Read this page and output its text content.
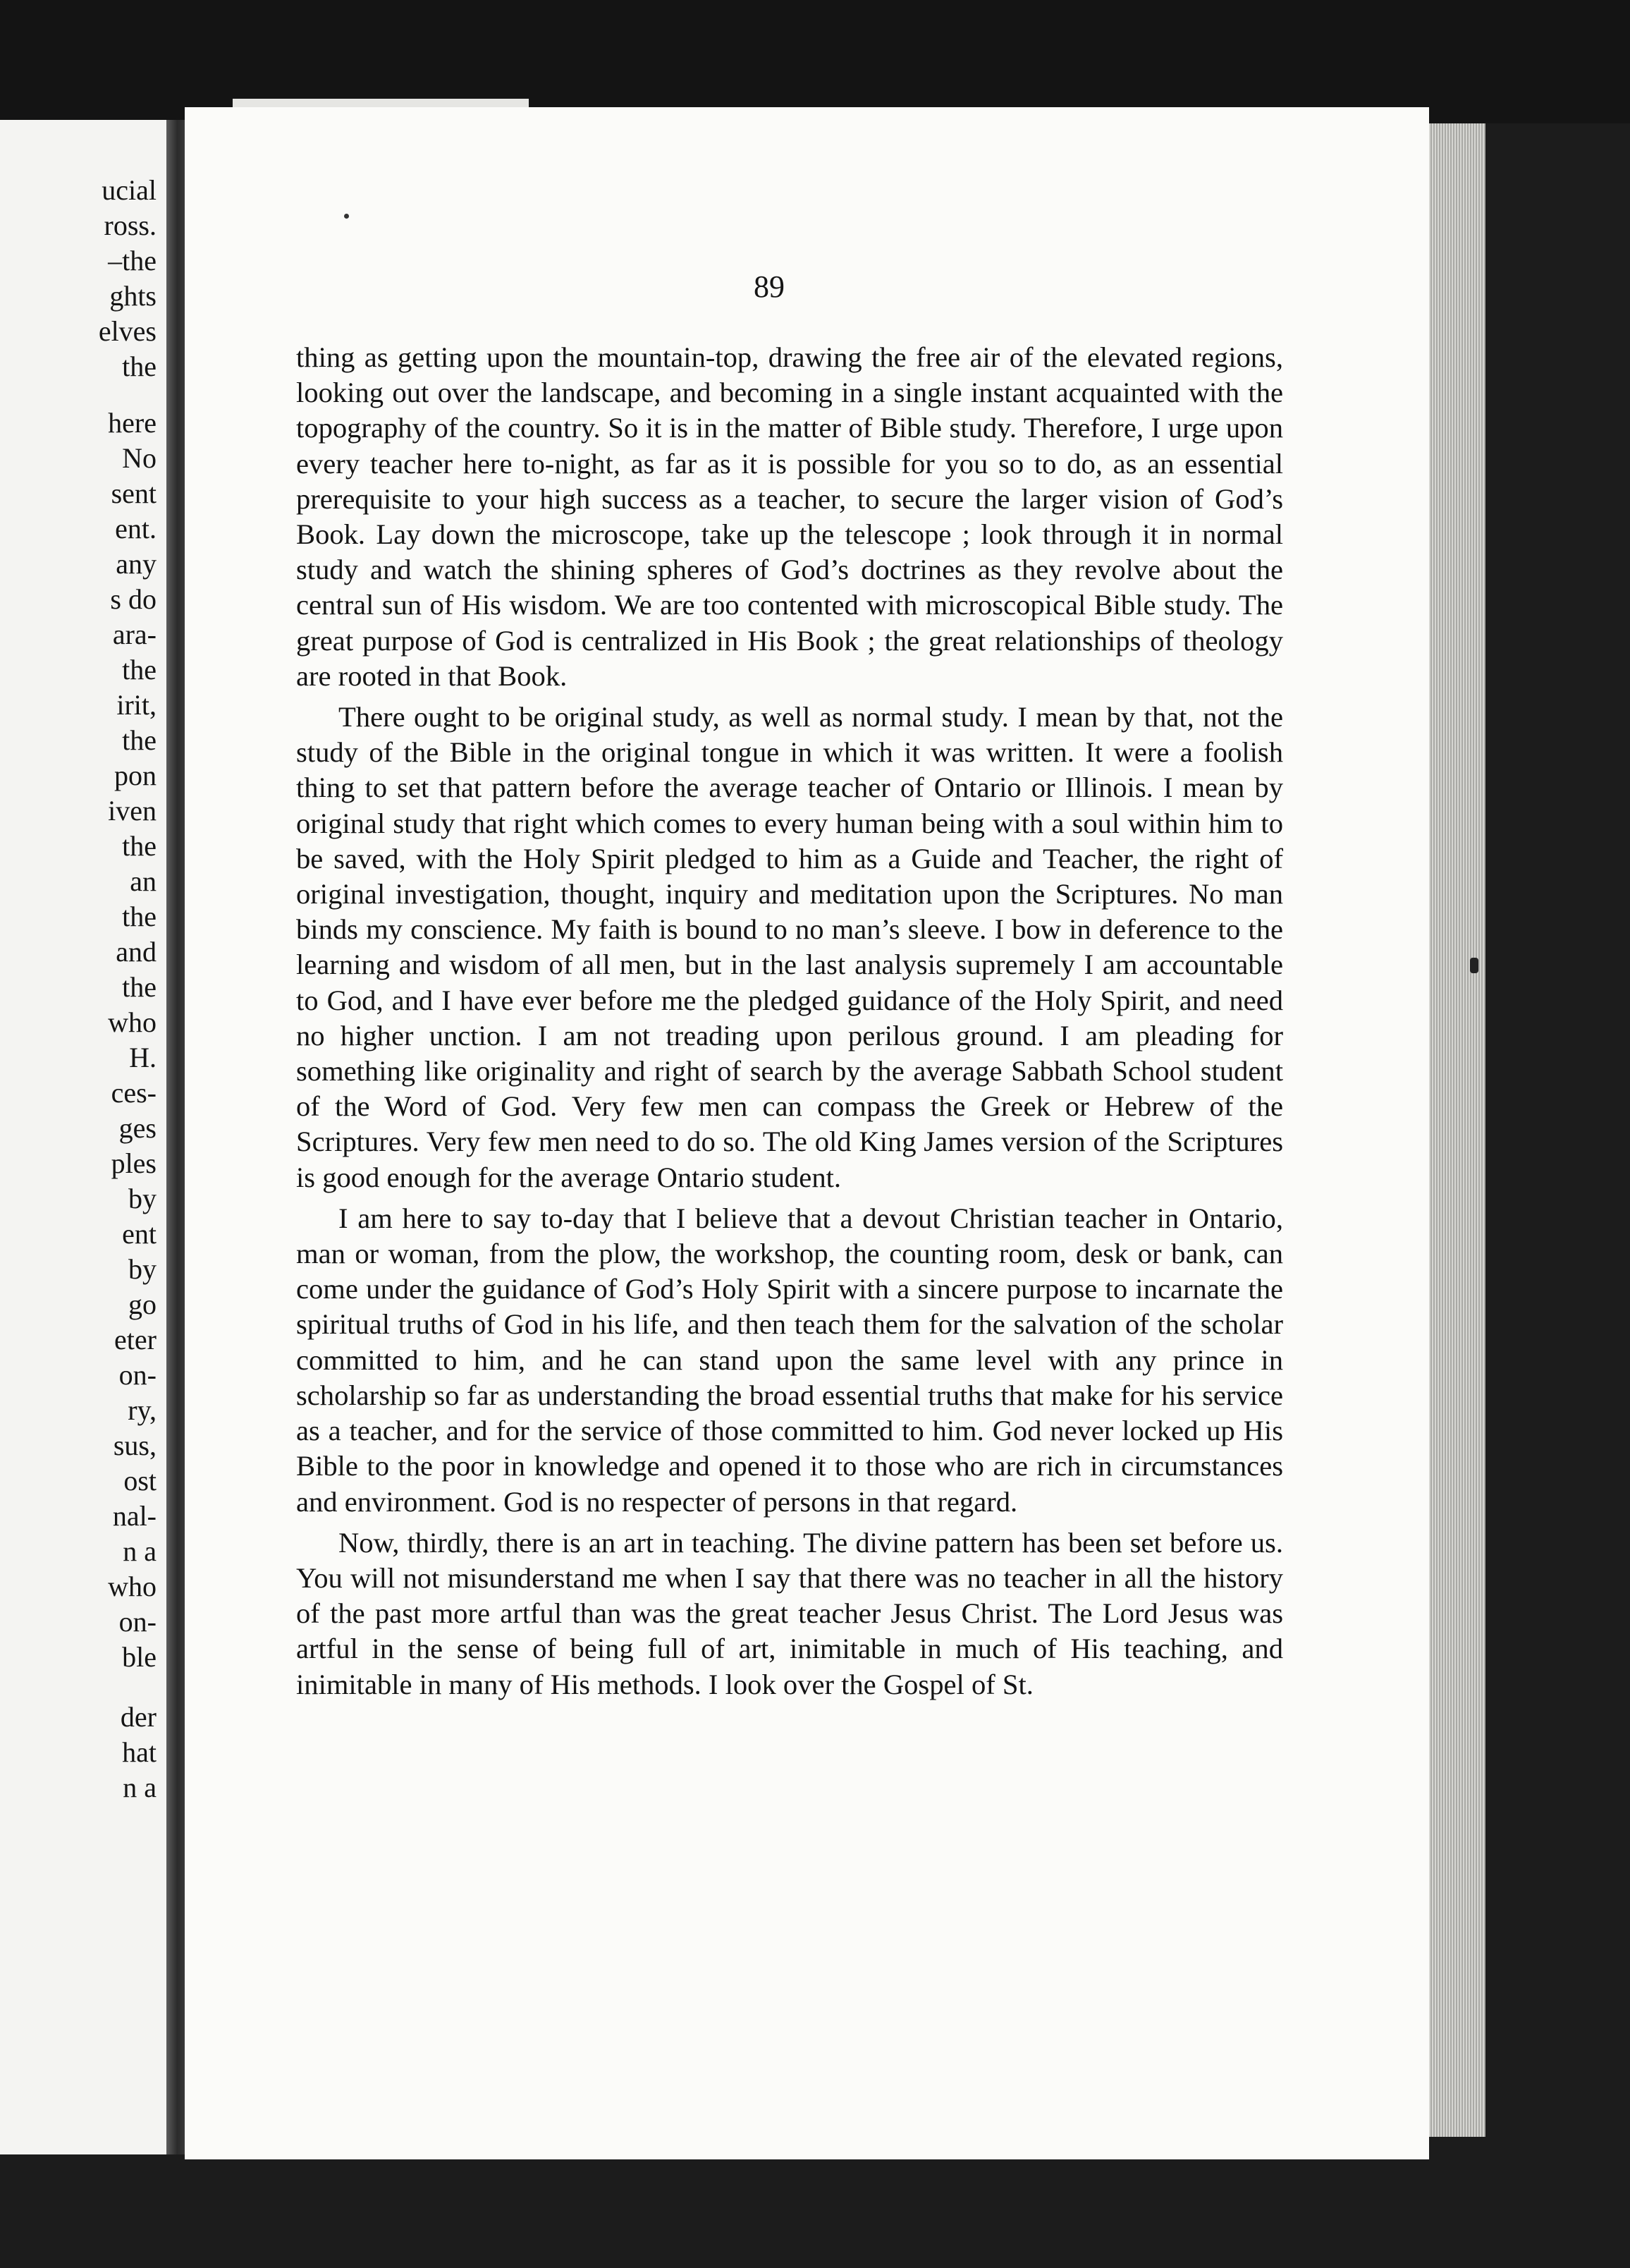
ucial
ross.
–the
ghts
elves
the
here
No
sent
ent.
any
s do
ara-
the
irit,
the
pon
iven
the
an
the
and
the
who
H.
ces-
ges
ples
by
ent
by
go
eter
on-
ry,
sus,
ost
nal-
n a
who
on-
ble
der
hat
n a
89

thing as getting upon the mountain-top, drawing the free air of the elevated regions, looking out over the landscape, and becoming in a single instant acquainted with the topography of the country. So it is in the matter of Bible study. Therefore, I urge upon every teacher here to-night, as far as it is possible for you so to do, as an essential prerequisite to your high success as a teacher, to secure the larger vision of God’s Book. Lay down the microscope, take up the telescope ; look through it in normal study and watch the shining spheres of God’s doctrines as they revolve about the central sun of His wisdom. We are too contented with microscopical Bible study. The great purpose of God is centralized in His Book ; the great relationships of theology are rooted in that Book.

There ought to be original study, as well as normal study. I mean by that, not the study of the Bible in the original tongue in which it was written. It were a foolish thing to set that pattern before the average teacher of Ontario or Illinois. I mean by original study that right which comes to every human being with a soul within him to be saved, with the Holy Spirit pledged to him as a Guide and Teacher, the right of original investigation, thought, inquiry and meditation upon the Scriptures. No man binds my conscience. My faith is bound to no man’s sleeve. I bow in deference to the learning and wisdom of all men, but in the last analysis supremely I am accountable to God, and I have ever before me the pledged guidance of the Holy Spirit, and need no higher unction. I am not treading upon perilous ground. I am pleading for something like originality and right of search by the average Sabbath School student of the Word of God. Very few men can compass the Greek or Hebrew of the Scriptures. Very few men need to do so. The old King James version of the Scriptures is good enough for the average Ontario student.

I am here to say to-day that I believe that a devout Christian teacher in Ontario, man or woman, from the plow, the workshop, the counting room, desk or bank, can come under the guidance of God’s Holy Spirit with a sincere purpose to incarnate the spiritual truths of God in his life, and then teach them for the salvation of the scholar committed to him, and he can stand upon the same level with any prince in scholarship so far as understanding the broad essential truths that make for his service as a teacher, and for the service of those committed to him. God never locked up His Bible to the poor in knowledge and opened it to those who are rich in circumstances and environment. God is no respecter of persons in that regard.

Now, thirdly, there is an art in teaching. The divine pattern has been set before us. You will not misunderstand me when I say that there was no teacher in all the history of the past more artful than was the great teacher Jesus Christ. The Lord Jesus was artful in the sense of being full of art, inimitable in much of His teaching, and inimitable in many of His methods. I look over the Gospel of St.
